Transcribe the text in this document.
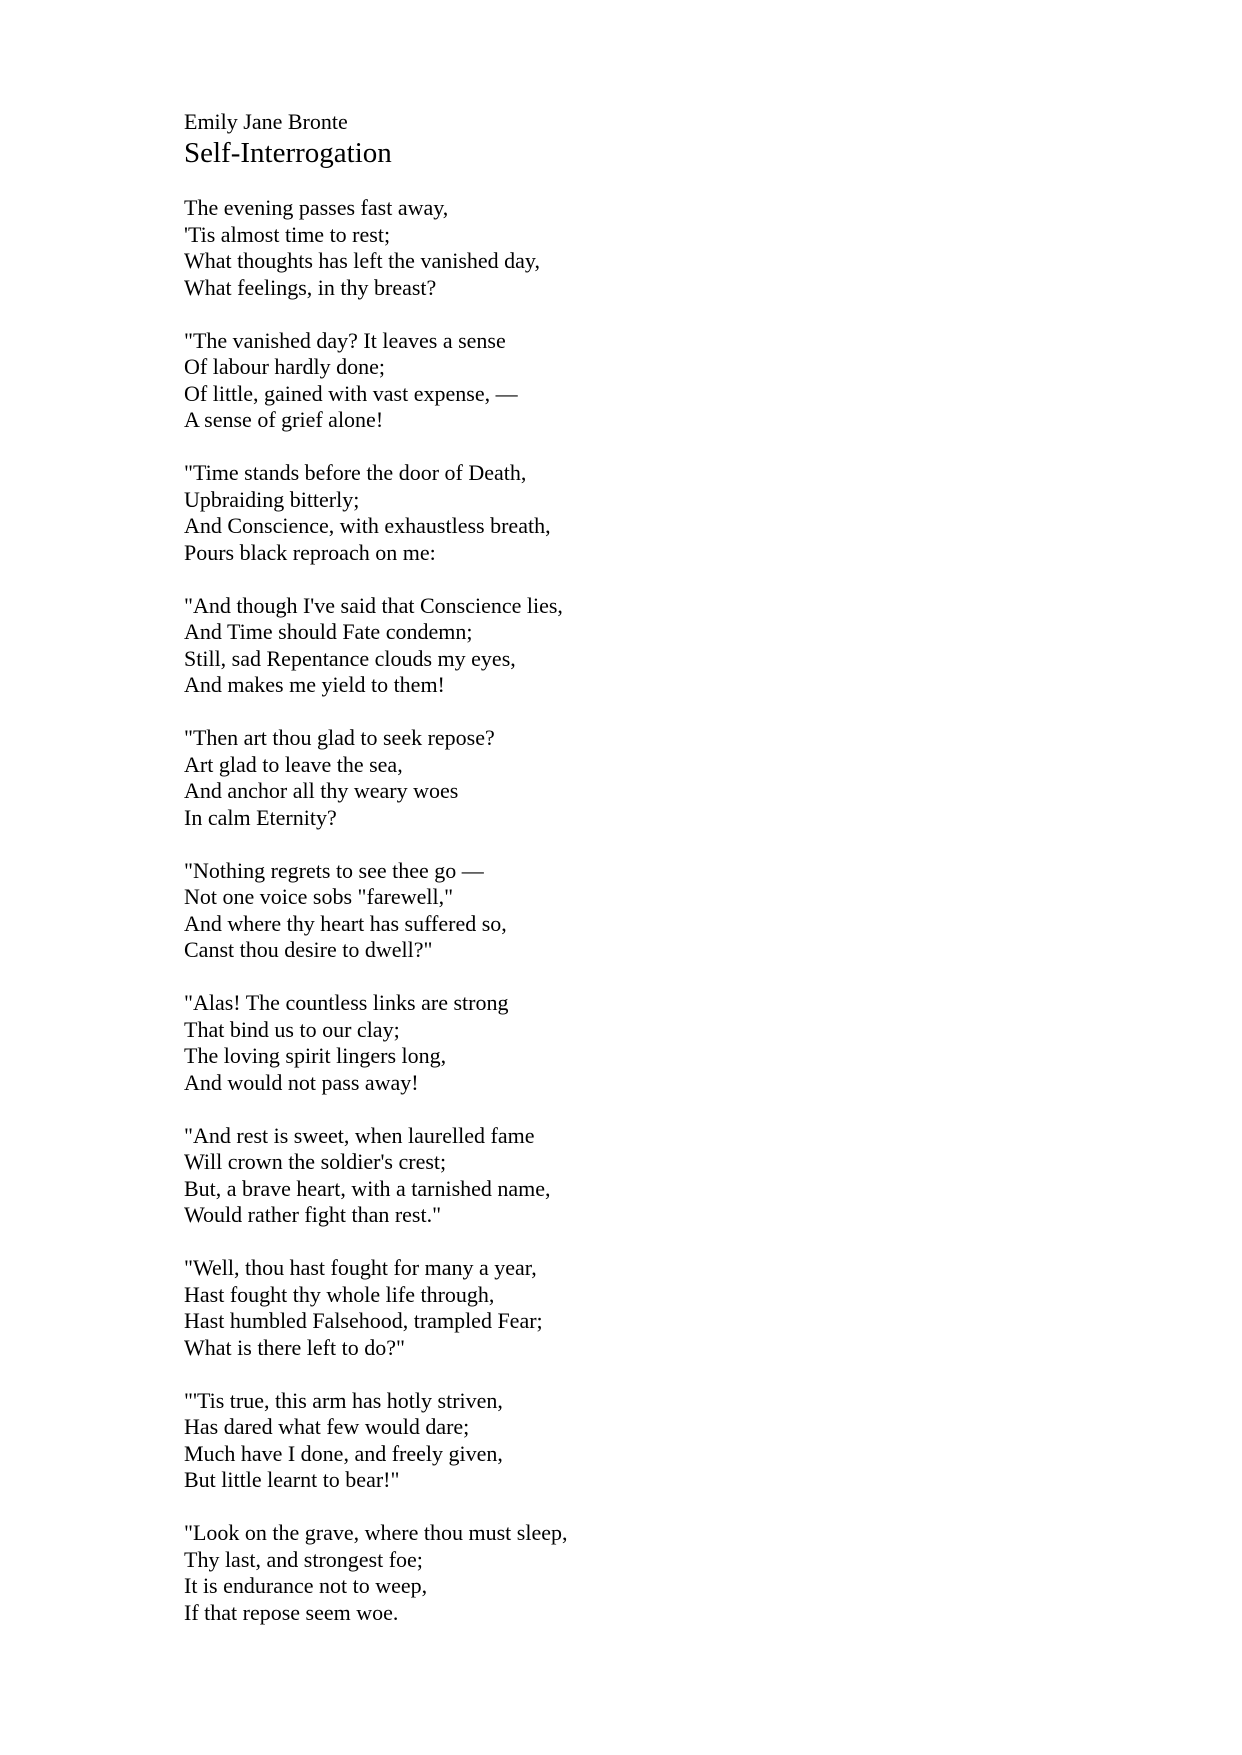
Emily Jane Bronte

Self-Interrogation
The evening passes fast away,
'Tis almost time to rest;
What thoughts has left the vanished day,
What feelings, in thy breast?
"The vanished day? It leaves a sense
Of labour hardly done;
Of little, gained with vast expense, —
A sense of grief alone!
"Time stands before the door of Death,
Upbraiding bitterly;
And Conscience, with exhaustless breath,
Pours black reproach on me:
"And though I've said that Conscience lies,
And Time should Fate condemn;
Still, sad Repentance clouds my eyes,
And makes me yield to them!
"Then art thou glad to seek repose?
Art glad to leave the sea,
And anchor all thy weary woes
In calm Eternity?
"Nothing regrets to see thee go —
Not one voice sobs "farewell,"
And where thy heart has suffered so,
Canst thou desire to dwell?"
"Alas! The countless links are strong
That bind us to our clay;
The loving spirit lingers long,
And would not pass away!
"And rest is sweet, when laurelled fame
Will crown the soldier's crest;
But, a brave heart, with a tarnished name,
Would rather fight than rest."
"Well, thou hast fought for many a year,
Hast fought thy whole life through,
Hast humbled Falsehood, trampled Fear;
What is there left to do?"
"'Tis true, this arm has hotly striven,
Has dared what few would dare;
Much have I done, and freely given,
But little learnt to bear!"
"Look on the grave, where thou must sleep,
Thy last, and strongest foe;
It is endurance not to weep,
If that repose seem woe.
